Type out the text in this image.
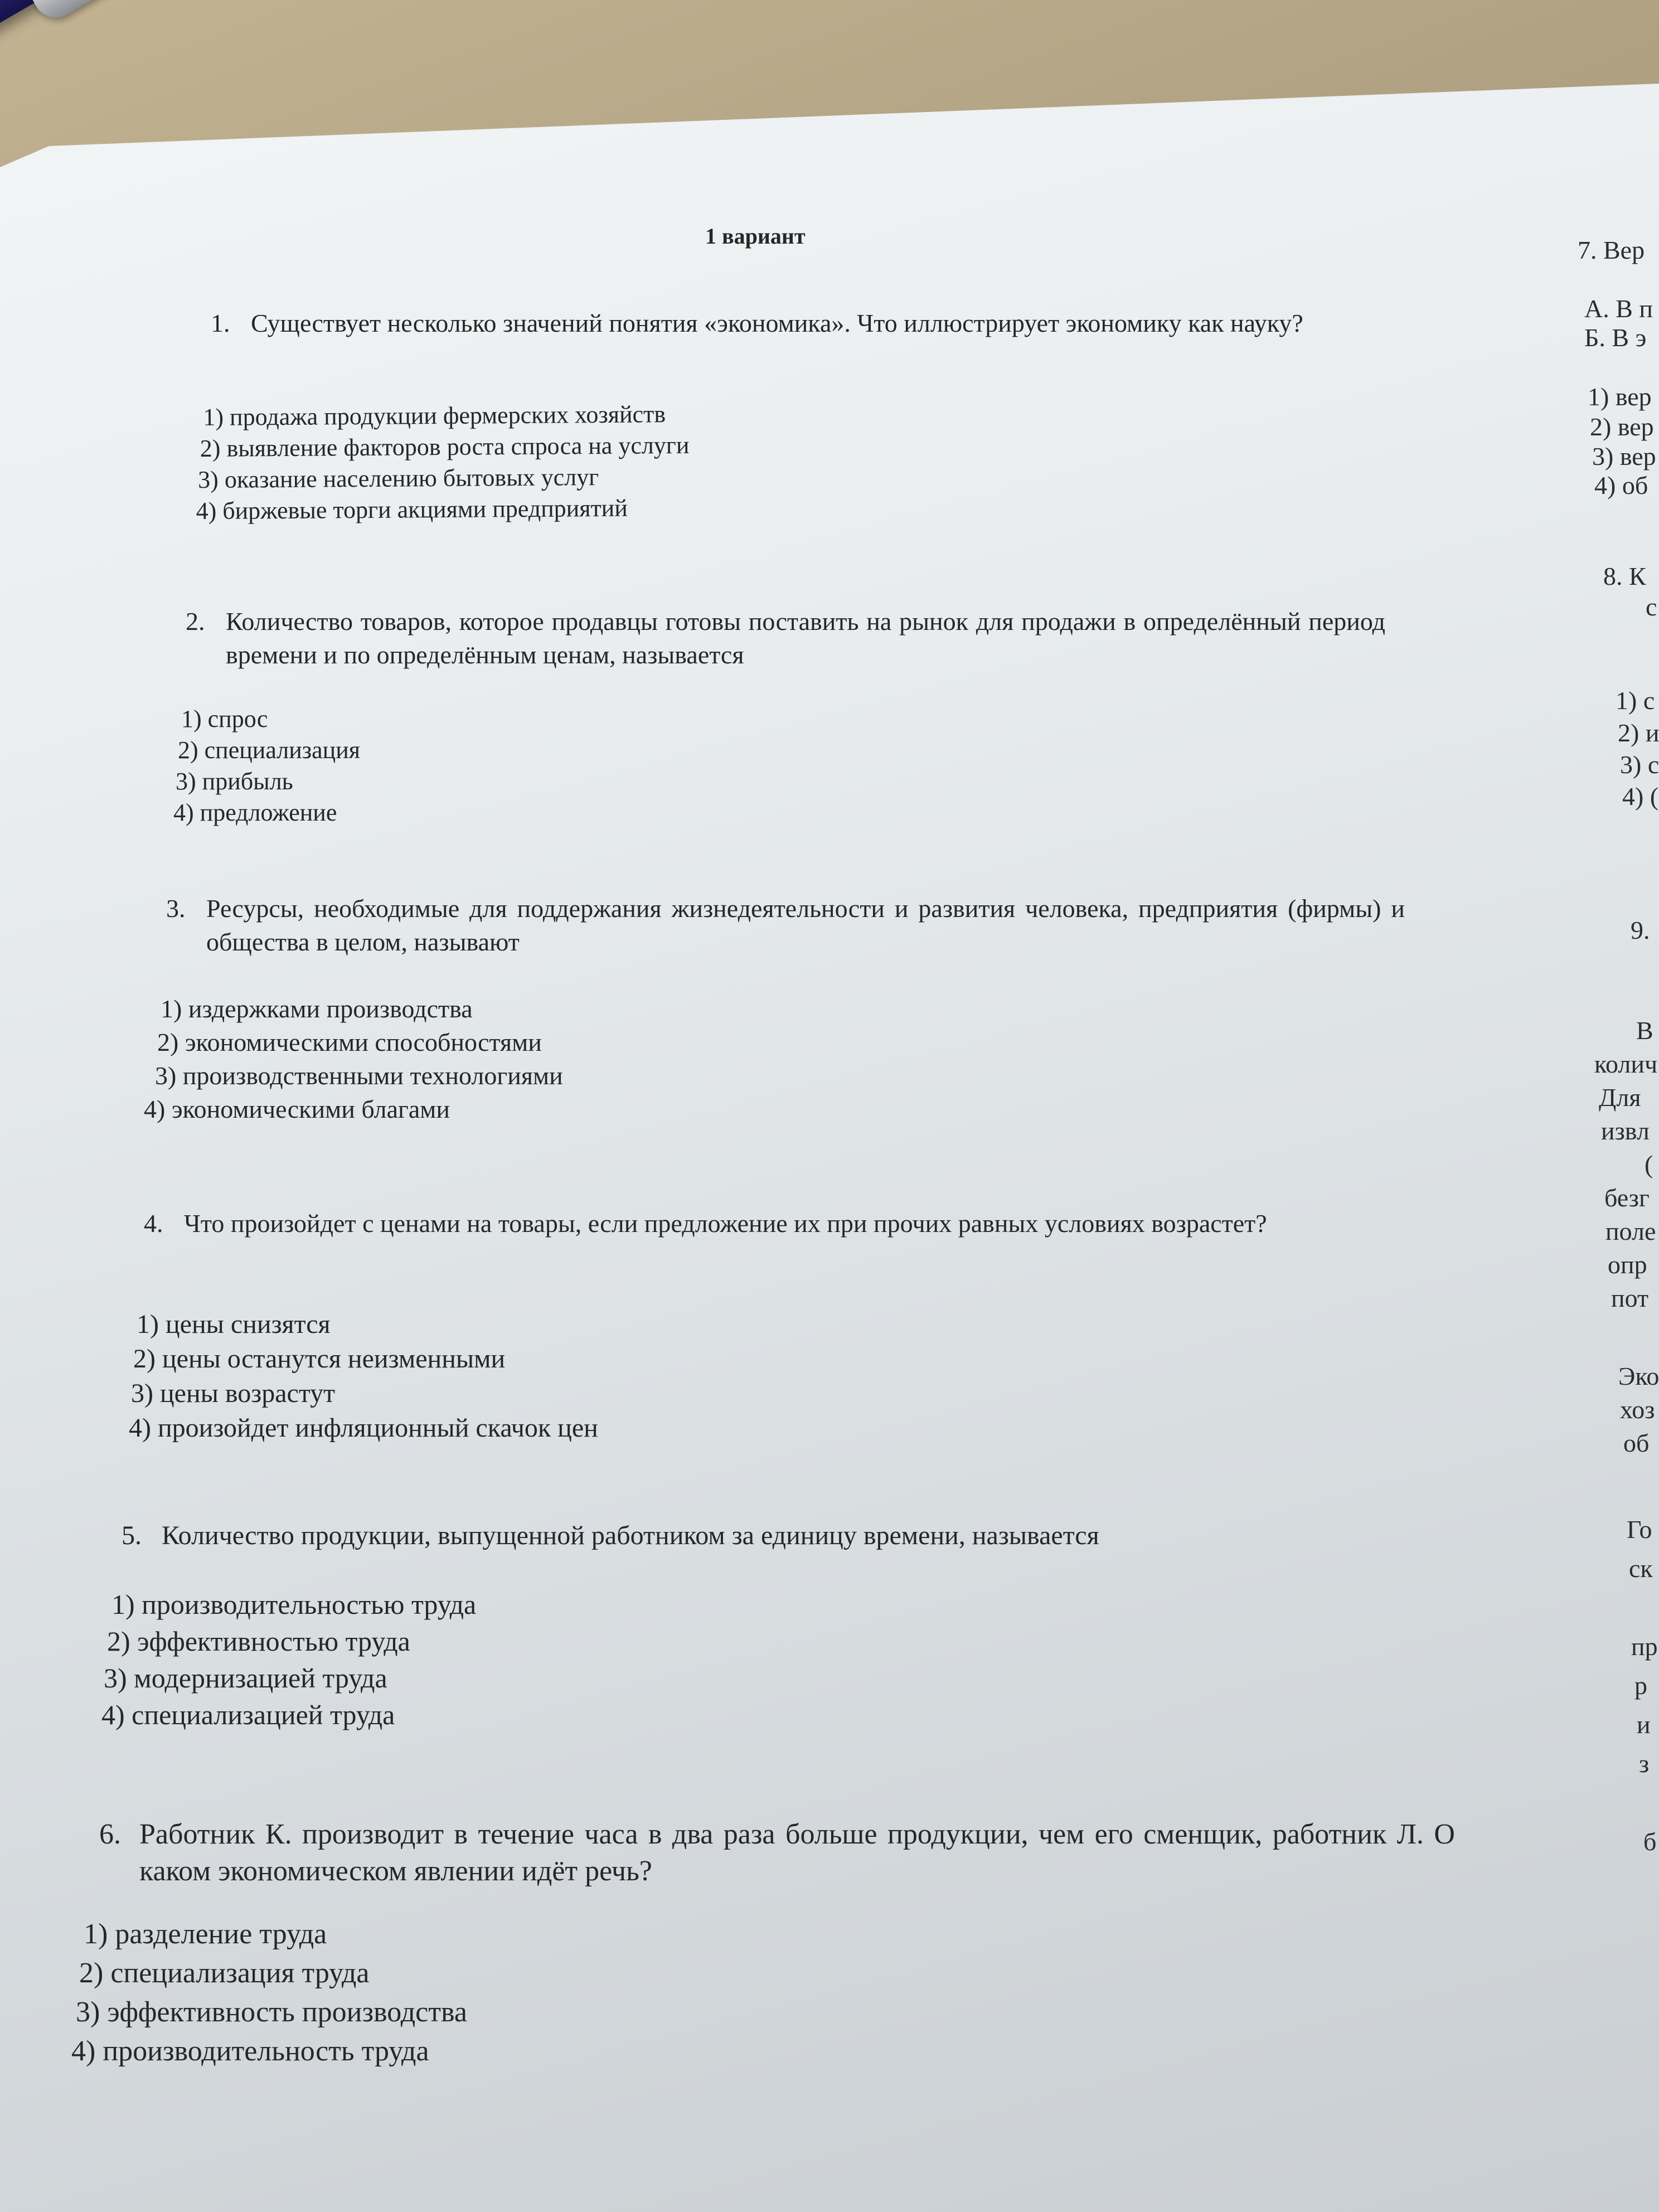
1 вариант
1. Существует несколько значений понятия «экономика». Что иллюстрирует экономику как науку?
1) продажа продукции фермерских хозяйств
2) выявление факторов роста спроса на услуги
3) оказание населению бытовых услуг
4) биржевые торги акциями предприятий
2. Количество товаров, которое продавцы готовы поставить на рынок для продажи в определённый период времени и по определённым ценам, называется
1) спрос
2) специализация
3) прибыль
4) предложение
3. Ресурсы, необходимые для поддержания жизнедеятельности и развития человека, предприятия (фирмы) и общества в целом, называют
1) издержками производства
2) экономическими способностями
3) производственными технологиями
4) экономическими благами
4. Что произойдет с ценами на товары, если предложение их при прочих равных условиях возрастет?
1) цены снизятся
2) цены останутся неизменными
3) цены возрастут
4) произойдет инфляционный скачок цен
5. Количество продукции, выпущенной работником за единицу времени, называется
1) производительностью труда
2) эффективностью труда
3) модернизацией труда
4) специализацией труда
6. Работник К. производит в течение часа в два раза больше продукции, чем его сменщик, работник Л. О каком экономическом явлении идёт речь?
1) разделение труда
2) специализация труда
3) эффективность производства
4) производительность труда
7. Вер
А. В п
Б. В э
1) вер
2) вер
3) вер
4) об
8. К
с
1) с
2) и
3) с
4) (
9.
В
колич
Для
извл
(
безг
поле
опр
пот
Эко
хоз
об
Го
ск
пр
р
и
з
б
